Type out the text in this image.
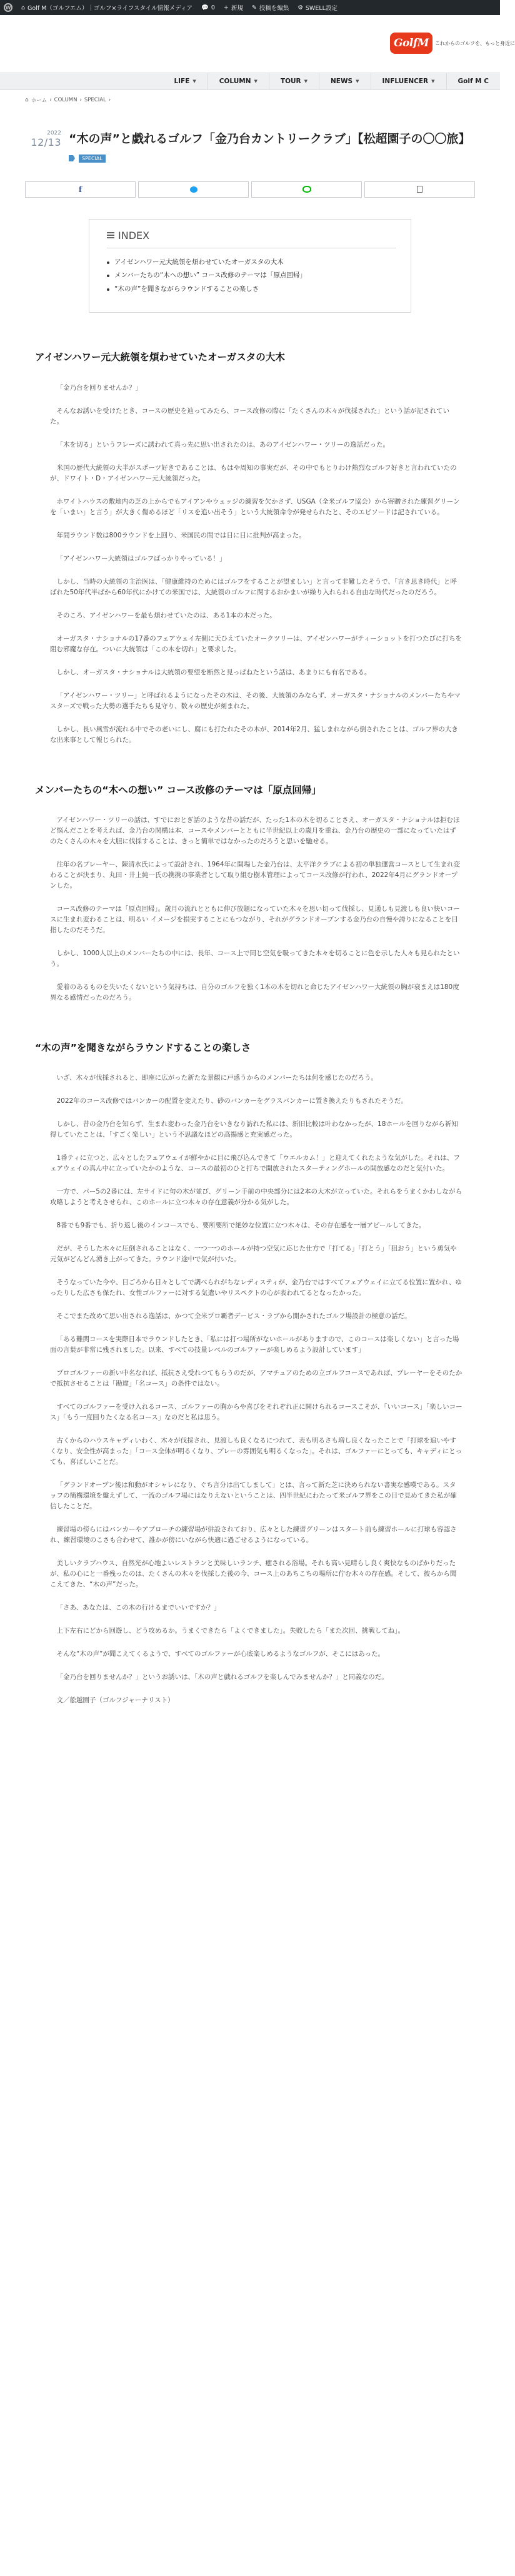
W ⌂ Golf M（ゴルフエム）｜ゴルフ×ライフスタイル情報メディア 💬 0 + 新規 ✎ 投稿を編集 ⚙ SWELL設定
GolfM	これからのゴルフを、もっと身近に
LIFE ▼	COLUMN ▼	TOUR ▼	NEWS ▼	INFLUENCER ▼	Golf M C
⌂ ホーム › COLUMN › SPECIAL ›
2022
12/13 “木の声”と戯れるゴルフ「金乃台カントリークラブ」【松超園子の〇〇旅】
SPECIAL
f
INDEX
アイゼンハワー元大統領を煩わせていたオーガスタの大木
メンバーたちの“木への想い” コース改修のテーマは「原点回帰」
“木の声”を聞きながらラウンドすることの楽しさ
アイゼンハワー元大統領を煩わせていたオーガスタの大木

「金乃台を回りませんか？」

そんなお誘いを受けたとき、コースの歴史を辿ってみたら、コース改修の際に「たくさんの木々が伐採された」という話が記されていた。

「木を切る」というフレーズに誘われて真っ先に思い出されたのは、あのアイゼンハワー・ツリーの逸話だった。

米国の歴代大統領の大半がスポーツ好きであることは、もはや周知の事実だが、その中でもとりわけ熱烈なゴルフ好きと言われていたのが、ドワイト・D・アイゼンハワー元大統領だった。

ホワイトハウスの敷地内の芝の上からでもアイアンやウェッジの練習を欠かさず、USGA（全米ゴルフ協会）から寄贈された練習グリーンを「いまい」と言う」が大きく傷めるほど「リスを追い出そう」という大統領命令が発せられたと、そのエピソードは記されている。

年間ラウンド数は800ラウンドを上回り、米国民の間では日に日に批判が高まった。

「アイゼンハワー大統領はゴルフばっかりやっている！」

しかし、当時の大統領の主治医は、「健康維持のためにはゴルフをすることが望ましい」と言って非難したそうで、「言き思き時代」と呼ばれた50年代半ばから60年代にかけての米国では、大統領のゴルフに関するおかまいが繰り入れられる自由な時代だったのだろう。

そのころ、アイゼンハワーを最も煩わせていたのは、ある1本の木だった。

オーガスタ・ナショナルの17番のフェアウェイ左側に天ひえていたオークツリーは、アイゼンハワーがティーショットを打つたびに打ちを阻む邪魔な存在。ついに大統領は「この木を切れ」と要求した。

しかし、オーガスタ・ナショナルは大統領の要望を断然と見っぱねたという話は、あまりにも有名である。

「アイゼンハワー・ツリー」と呼ばれるようになったその木は、その後、大統領のみならず、オーガスタ・ナショナルのメンバーたちやマスターズで戦った大勢の選手たちも見守り、数々の歴史が刻まれた。

しかし、長い風雪が流れる中でその老いにし、腐にも打たれたその木が、2014年2月、猛しまれながら倒されたことは、ゴルフ界の大きな出来事として報じられた。

メンバーたちの“木への想い” コース改修のテーマは「原点回帰」

アイゼンハワー・ツリーの話は、すでにおとぎ話のような昔の話だが、たった1本の木を切ることさえ、オーガスタ・ナショナルは拒むほど悩んだことを考えれば、金乃台の関構は本、コースやメンバーとともに半世紀以上の歳月を重ね、金乃台の歴史の一部になっていたはずのたくさんの木々を大胆に伐採することは、きっと簡単ではなかったのだろうと思いを馳せる。

往年の名プレーヤー、陳清水氏によって設計され、1964年に開場した金乃台は、太平洋クラブによる初の単独運営コースとして生まれ変わることが決まり、丸田・井上純一氏の携携の事業者として取り組む樹木管理によってコース改修が行われ、2022年4月にグランドオープンした。

コース改修のテーマは「原点回帰」。歳月の流れとともに伸び放題になっていた木々を思い切って伐採し、見通しも見渡しも良い快いコースに生まれ変わることは、明るい イメージを損実することにもつながり、それがグランドオープンする金乃台の自慢や誇りになることを目指したのだそうだ。

しかし、1000人以上のメンバーたちの中には、長年、コース上で同じ空気を吸ってきた木々を切ることに色を示した人々も見られたという。

愛着のあるものを失いたくないという気持ちは、自分のゴルフを独く1本の木を切れと命じたアイゼンハワー大統領の胸が衰まえは180度異なる感情だったのだろう。

“木の声”を聞きながらラウンドすることの楽しさ

いざ、木々が伐採されると、即座に広がった新たな景観に戸惑うからのメンバーたちは何を感じたのだろう。

2022年のコース改修ではバンカーの配置を変えたり、砂のバンカーをグラスバンカーに置き換えたりもされたそうだ。

しかし、昔の金乃台を知らず、生まれ変わった金乃台をいきなり訪れた私には、新旧比較は叶わなかったが、18ホールを回りながら祈知得していたことは、「すごく楽しい」という不思議なほどの高揚感と充実感だった。

1番ティに立つと、広々としたフェアウェイが鮮やかに目に飛び込んできて「ウエルカム！」と迎えてくれたような気がした。それは、フェアウェイの真ん中に立っていたかのような、コースの最初のひと打ちで開放されたスターティングホールの開放感なのだと気付いた。

一方で、パー5の2番には、左サイドに句の木が並び、グリーン手前の中央部分には2本の大木が立っていた。それらをうまくかわしながら攻略しようと考えさせられ、このホールに立つ木々の存在意義が分かる気がした。

8番でも9番でも、折り返し後のインコースでも、要所要所で絶妙な位置に立つ木々は、その存在感を一層アピールしてきた。

だが、そうした木々に圧倒されることはなく、一つ一つのホールが持つ空気に応じた仕方で「打てる」「打とう」「狙おう」という勇気や元気がどんどん湧き上がってきた。ラウンド途中で気が付いた。

そうなっていた今や、日ごろから日々としてで調べられがちなレディスティが、金乃台ではすべてフェアウェイに立てる位置に置かれ、ゆったりした広さも保たれ、女性ゴルファーに対する気遣いやリスペクトの心が表われてるとなったかった。

そこでまた改めて思い出される逸話は、かつて全米プロ覇者デービス・ラブから開かされたゴルフ場設計の極意の話だ。

「ある難関コースを実際日本でラウンドしたとき、「私には打つ場所がないホールがありますので、このコースは楽しくない」と言った場面の言葉が非常に残されました。以来、すべての技量レベルのゴルファーが楽しめるよう設計しています」

プロゴルファーの新い中名なれば、抵抗さえ受れつてもらうのだが、アマチュアのための立ゴルフコースであれば、プレーヤーをそのたかで抵抗させることは「勘違」「名コース」の条件ではない。

すべてのゴルファーを受け入れるコース、ゴルファーの胸からや喜びをそれぞれ正に開けられるコースこそが、「いいコース」「楽しいコース」「もう一度回りたくなる名コース」なのだと私は思う。

古くからのハウスキャディいわく、木々が伐採され、見渡しも良くなるにつれて、表も明るさも増し良くなったことで「打球を追いやすくなり、安全性が高まった」「コース全体が明るくなり、プレーの雰囲気も明るくなった」。それは、ゴルファーにとっても、キャディにとっても、喜ばしいことだ。

「グランドオープン後は和動がオシャレになり、ぐち言分は出てしまして」とは、言って新た芝に決められない書実な感嘆である。スタッフの簡構環境を盤えずして、一流のゴルフ場にはなりえないということは、四半世紀にわたって米ゴルフ界をこの目で見めてきた私が確信したことだ。

練習場の傍らにはバンカーやアプローチの練習場が併設されており、広々とした練習グリーンはスタート前も練習ホールに打球も容認され、練習環境のこさも合わせて、誰かが傍にいながら快適に過ごせるようになっている。

美しいクラブハウス、自然光が心地よいレストランと美味しいランチ、癒される浴場。それも高い見晴らし良く爽快なものばかりだったが、私の心にと一番残ったのは、たくさんの木々を伐採した後の今、コース上のあちこちの場所に佇む木々の存在感。そして、彼らから聞こえてきた、“木の声”だった。

「さあ、あなたは、この木の行けるまでいいですか？」

上下左右にどから回遊し、どう攻めるか。うまくできたら「よくできました」。失敗したら「また次回、挑戦してね」。

そんな“木の声”が聞こえてくるようで、すべてのゴルファーが心底楽しめるようなゴルフが、そこにはあった。

「金乃台を回りませんか？」というお誘いは、「木の声と戯れるゴルフを楽しんでみませんか？」と同義なのだ。

文／舩越園子（ゴルフジャーナリスト）
